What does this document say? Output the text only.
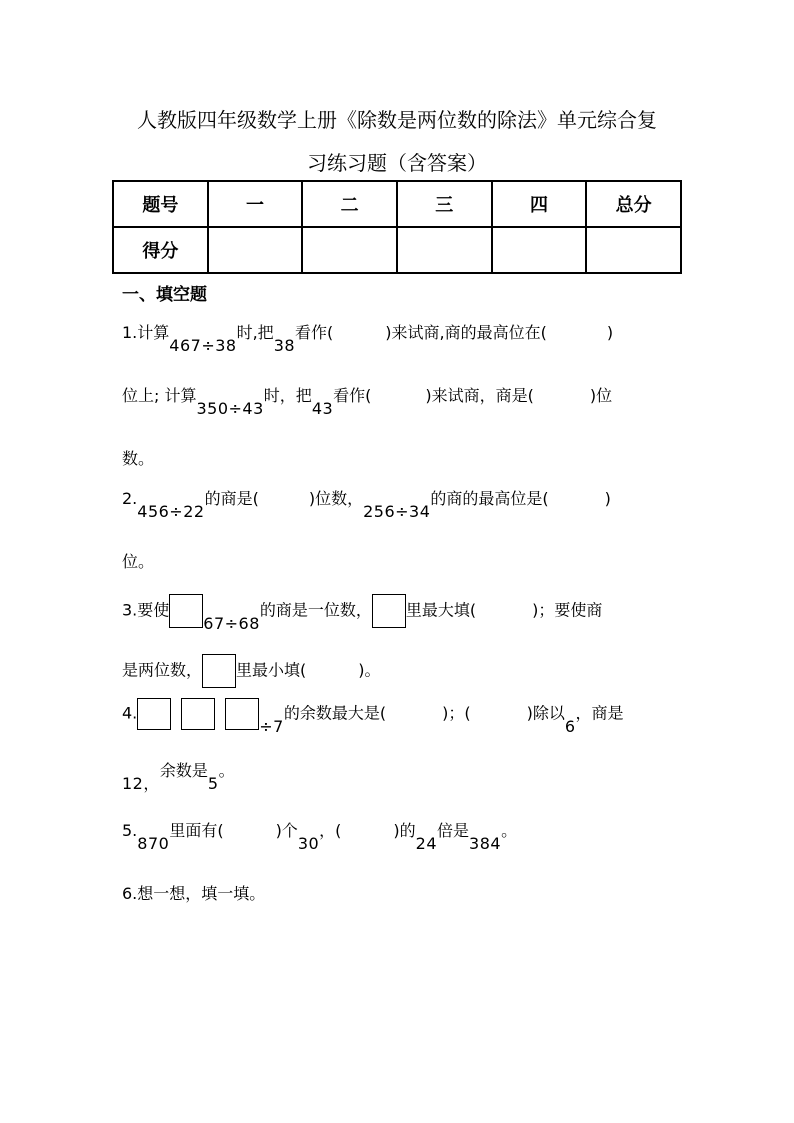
人教版四年级数学上册《除数是两位数的除法》单元综合复
习练习题（含答案）
题号	一	二	三	四	总分
得分					
一、填空题
1.计算467÷38时,把38看作(	)来试商,商的最高位在(	)
位上; 计算350÷43时，把43看作(	)来试商，商是(	)位
数。
2.456÷22的商是(	)位数，256÷34的商的最高位是(	)
位。
3.要使67÷68的商是一位数， 里最大填(	)；要使商
是两位数， 里最小填(	)。
4.÷7的余数最大是(	)；(	)除以6，商是
12，余数是5。
5.870里面有(	)个30，(	)的24倍是384。
6.想一想，填一填。
